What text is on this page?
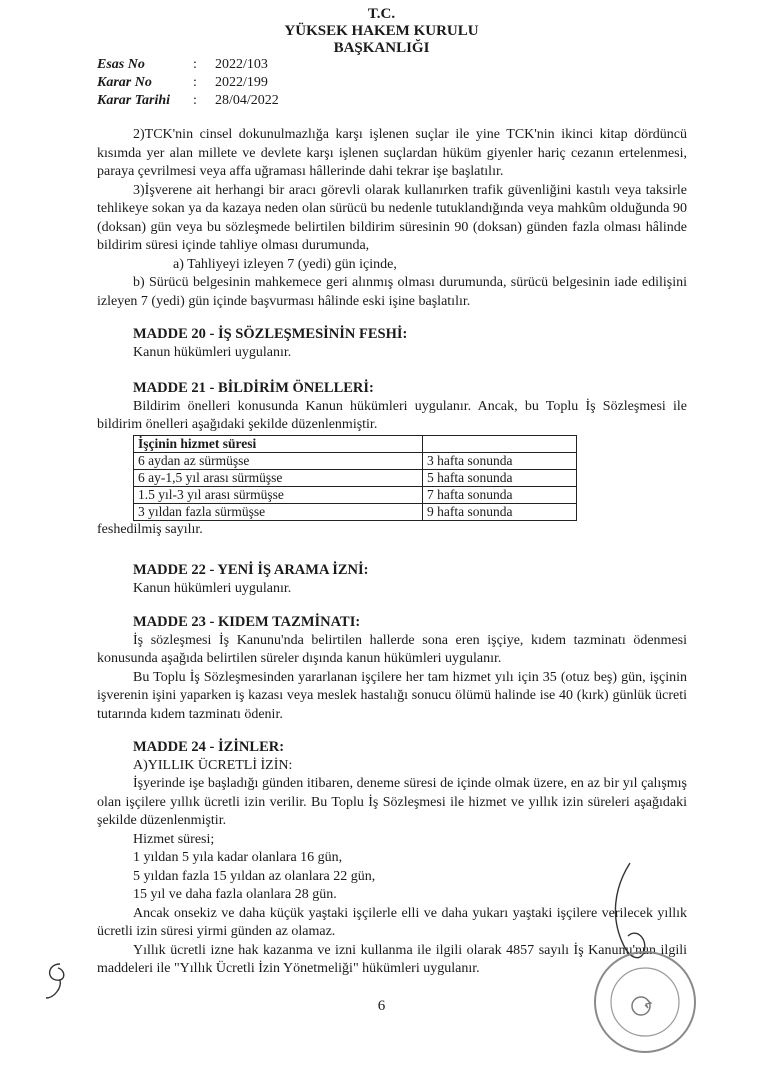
T.C.
YÜKSEK HAKEM KURULU
BAŞKANLIĞI
Esas No	:	2022/103
Karar No	:	2022/199
Karar Tarihi	:	28/04/2022

2)TCK'nin cinsel dokunulmazlığa karşı işlenen suçlar ile yine TCK'nin ikinci kitap dördüncü kısımda yer alan millete ve devlete karşı işlenen suçlardan hüküm giyenler hariç cezanın ertelenmesi, paraya çevrilmesi veya affa uğraması hâllerinde dahi tekrar işe başlatılır.

3)İşverene ait herhangi bir aracı görevli olarak kullanırken trafik güvenliğini kastılı veya taksirle tehlikeye sokan ya da kazaya neden olan sürücü bu nedenle tutuklandığında veya mahkûm olduğunda 90 (doksan) gün veya bu sözleşmede belirtilen bildirim süresinin 90 (doksan) günden fazla olması hâlinde bildirim süresi içinde tahliye olması durumunda,

a) Tahliyeyi izleyen 7 (yedi) gün içinde,

b) Sürücü belgesinin mahkemece geri alınmış olması durumunda, sürücü belgesinin iade edilişini izleyen 7 (yedi) gün içinde başvurması hâlinde eski işine başlatılır.

MADDE 20 - İŞ SÖZLEŞMESİNİN FESHİ:

Kanun hükümleri uygulanır.

MADDE 21 - BİLDİRİM ÖNELLERİ:

Bildirim önelleri konusunda Kanun hükümleri uygulanır. Ancak, bu Toplu İş Sözleşmesi ile bildirim önelleri aşağıdaki şekilde düzenlenmiştir.

İşçinin hizmet süresi	
6 aydan az sürmüşse	3 hafta sonunda
6 ay-1,5 yıl arası sürmüşse	5 hafta sonunda
1.5 yıl-3 yıl arası sürmüşse	7 hafta sonunda
3 yıldan fazla sürmüşse	9 hafta sonunda

feshedilmiş sayılır.

MADDE 22 - YENİ İŞ ARAMA İZNİ:

Kanun hükümleri uygulanır.

MADDE 23 - KIDEM TAZMİNATI:

İş sözleşmesi İş Kanunu'nda belirtilen hallerde sona eren işçiye, kıdem tazminatı ödenmesi konusunda aşağıda belirtilen süreler dışında kanun hükümleri uygulanır.

Bu Toplu İş Sözleşmesinden yararlanan işçilere her tam hizmet yılı için 35 (otuz beş) gün, işçinin işverenin işini yaparken iş kazası veya meslek hastalığı sonucu ölümü halinde ise 40 (kırk) günlük ücreti tutarında kıdem tazminatı ödenir.

MADDE 24 - İZİNLER:

A)YILLIK ÜCRETLİ İZİN:

İşyerinde işe başladığı günden itibaren, deneme süresi de içinde olmak üzere, en az bir yıl çalışmış olan işçilere yıllık ücretli izin verilir. Bu Toplu İş Sözleşmesi ile hizmet ve yıllık izin süreleri aşağıdaki şekilde düzenlenmiştir.

Hizmet süresi;

1 yıldan 5 yıla kadar olanlara 16 gün,

5 yıldan fazla 15 yıldan az olanlara 22 gün,

15 yıl ve daha fazla olanlara 28 gün.

Ancak onsekiz ve daha küçük yaştaki işçilerle elli ve daha yukarı yaştaki işçilere verilecek yıllık ücretli izin süresi yirmi günden az olamaz.

Yıllık ücretli izne hak kazanma ve izni kullanma ile ilgili olarak 4857 sayılı İş Kanunu'nun ilgili maddeleri ile "Yıllık Ücretli İzin Yönetmeliği" hükümleri uygulanır.

6
